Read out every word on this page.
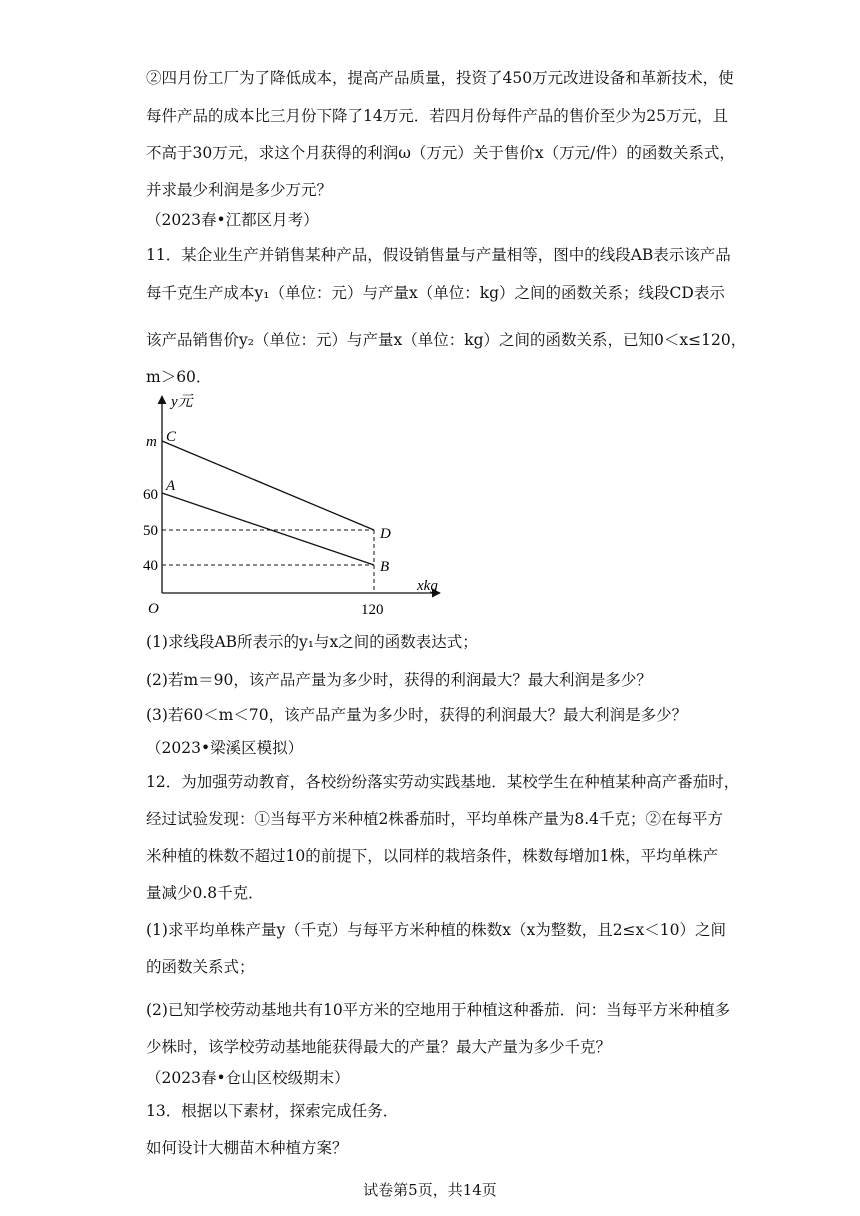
②四月份工厂为了降低成本，提高产品质量，投资了450万元改进设备和革新技术，使
每件产品的成本比三月份下降了14万元．若四月份每件产品的售价至少为25万元，且
不高于30万元，求这个月获得的利润ω（万元）关于售价x（万元/件）的函数关系式，
并求最少利润是多少万元？
（2023春•江都区月考）
11．某企业生产并销售某种产品，假设销售量与产量相等，图中的线段AB表示该产品
每千克生产成本y₁（单位：元）与产量x（单位：kg）之间的函数关系；线段CD表示
该产品销售价y₂（单位：元）与产量x（单位：kg）之间的函数关系，已知0＜x≤120，
m＞60．
(1)求线段AB所表示的y₁与x之间的函数表达式；
(2)若m＝90，该产品产量为多少时，获得的利润最大？最大利润是多少？
(3)若60＜m＜70，该产品产量为多少时，获得的利润最大？最大利润是多少？
（2023•梁溪区模拟）
12．为加强劳动教育，各校纷纷落实劳动实践基地．某校学生在种植某种高产番茄时，
经过试验发现：①当每平方米种植2株番茄时，平均单株产量为8.4千克；②在每平方
米种植的株数不超过10的前提下，以同样的栽培条件，株数每增加1株，平均单株产
量减少0.8千克．
(1)求平均单株产量y（千克）与每平方米种植的株数x（x为整数，且2≤x＜10）之间
的函数关系式；
(2)已知学校劳动基地共有10平方米的空地用于种植这种番茄．问：当每平方米种植多
少株时，该学校劳动基地能获得最大的产量？最大产量为多少千克？
（2023春•仓山区校级期末）
13．根据以下素材，探索完成任务．
如何设计大棚苗木种植方案？
y元
xkg
O
m
60
50
40
120
C
A
D
B
试卷第5页，共14页
